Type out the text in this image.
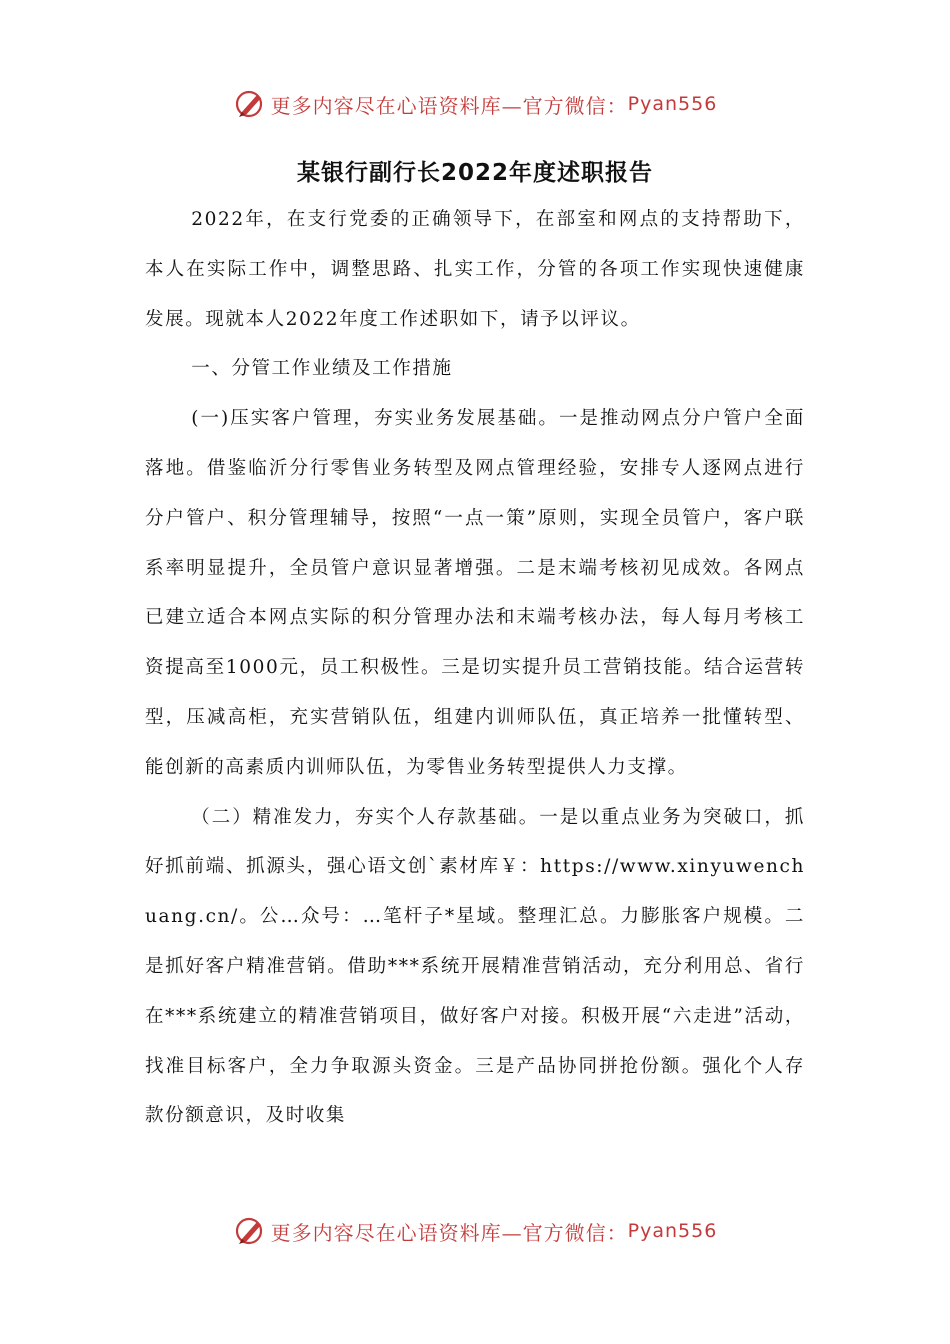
更多内容尽在心语资料库—官方微信： Pyan556
某银行副行长2022年度述职报告

2022年，在支行党委的正确领导下，在部室和网点的支持帮助下，本人在实际工作中，调整思路、扎实工作，分管的各项工作实现快速健康发展。现就本人2022年度工作述职如下，请予以评议。

一、分管工作业绩及工作措施

(一)压实客户管理，夯实业务发展基础。一是推动网点分户管户全面落地。借鉴临沂分行零售业务转型及网点管理经验，安排专人逐网点进行分户管户、积分管理辅导，按照“一点一策”原则，实现全员管户，客户联系率明显提升，全员管户意识显著增强。二是末端考核初见成效。各网点已建立适合本网点实际的积分管理办法和末端考核办法，每人每月考核工资提高至1000元，员工积极性。三是切实提升员工营销技能。结合运营转型，压减高柜，充实营销队伍，组建内训师队伍，真正培养一批懂转型、能创新的高素质内训师队伍，为零售业务转型提供人力支撑。

（二）精准发力，夯实个人存款基础。一是以重点业务为突破口，抓好抓前端、抓源头，强心语文创`素材库￥：https://www.xinyuwenchuang.cn/。公…众号：…笔杆子*星域。整理汇总。力膨胀客户规模。二是抓好客户精准营销。借助***系统开展精准营销活动，充分利用总、省行在***系统建立的精准营销项目，做好客户对接。积极开展“六走进”活动，找准目标客户，全力争取源头资金。三是产品协同拼抢份额。强化个人存款份额意识，及时收集

更多内容尽在心语资料库—官方微信： Pyan556
